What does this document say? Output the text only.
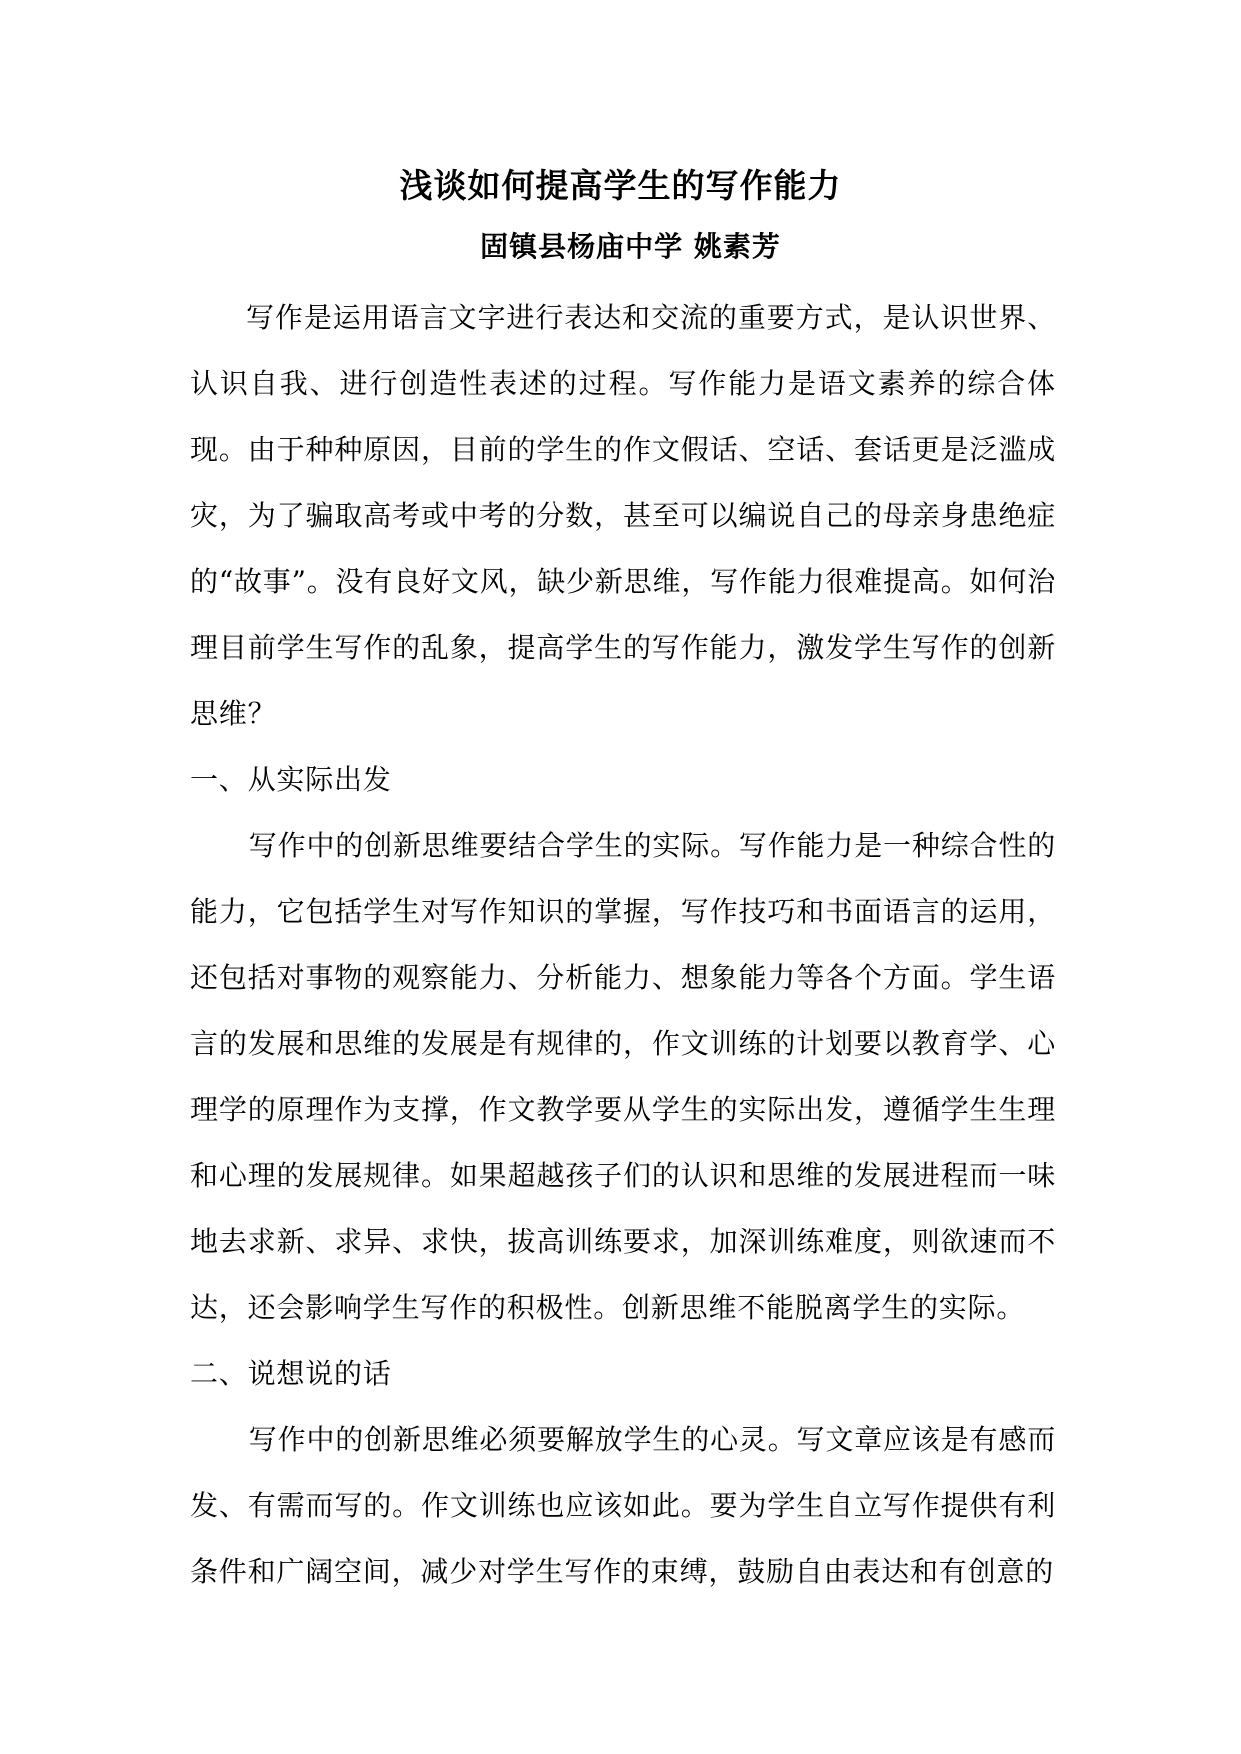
浅谈如何提高学生的写作能力
固镇县杨庙中学 姚素芳

写作是运用语言文字进行表达和交流的重要方式，是认识世界、认识自我、进行创造性表述的过程。写作能力是语文素养的综合体现。由于种种原因，目前的学生的作文假话、空话、套话更是泛滥成灾，为了骗取高考或中考的分数，甚至可以编说自己的母亲身患绝症的“故事”。没有良好文风，缺少新思维，写作能力很难提高。如何治理目前学生写作的乱象，提高学生的写作能力，激发学生写作的创新思维？

一、从实际出发

写作中的创新思维要结合学生的实际。写作能力是一种综合性的能力，它包括学生对写作知识的掌握，写作技巧和书面语言的运用，还包括对事物的观察能力、分析能力、想象能力等各个方面。学生语言的发展和思维的发展是有规律的，作文训练的计划要以教育学、心理学的原理作为支撑，作文教学要从学生的实际出发，遵循学生生理和心理的发展规律。如果超越孩子们的认识和思维的发展进程而一味地去求新、求异、求快，拔高训练要求，加深训练难度，则欲速而不达，还会影响学生写作的积极性。创新思维不能脱离学生的实际。

二、说想说的话

写作中的创新思维必须要解放学生的心灵。写文章应该是有感而发、有需而写的。作文训练也应该如此。要为学生自立写作提供有利条件和广阔空间，减少对学生写作的束缚，鼓励自由表达和有创意的
